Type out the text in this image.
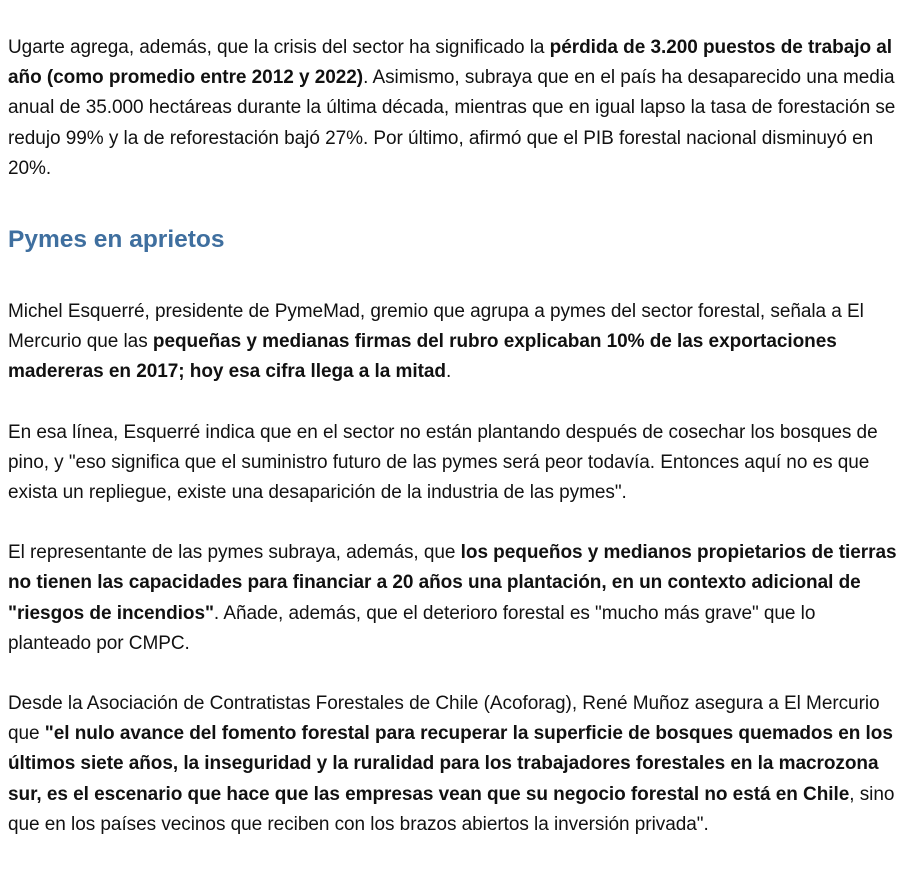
Ugarte agrega, además, que la crisis del sector ha significado la pérdida de 3.200 puestos de trabajo al año (como promedio entre 2012 y 2022). Asimismo, subraya que en el país ha desaparecido una media anual de 35.000 hectáreas durante la última década, mientras que en igual lapso la tasa de forestación se redujo 99% y la de reforestación bajó 27%. Por último, afirmó que el PIB forestal nacional disminuyó en 20%.

Pymes en aprietos

Michel Esquerré, presidente de PymeMad, gremio que agrupa a pymes del sector forestal, señala a El Mercurio que las pequeñas y medianas firmas del rubro explicaban 10% de las exportaciones madereras en 2017; hoy esa cifra llega a la mitad.

En esa línea, Esquerré indica que en el sector no están plantando después de cosechar los bosques de pino, y "eso significa que el suministro futuro de las pymes será peor todavía. Entonces aquí no es que exista un repliegue, existe una desaparición de la industria de las pymes".

El representante de las pymes subraya, además, que los pequeños y medianos propietarios de tierras no tienen las capacidades para financiar a 20 años una plantación, en un contexto adicional de "riesgos de incendios". Añade, además, que el deterioro forestal es "mucho más grave" que lo planteado por CMPC.

Desde la Asociación de Contratistas Forestales de Chile (Acoforag), René Muñoz asegura a El Mercurio que "el nulo avance del fomento forestal para recuperar la superficie de bosques quemados en los últimos siete años, la inseguridad y la ruralidad para los trabajadores forestales en la macrozona sur, es el escenario que hace que las empresas vean que su negocio forestal no está en Chile, sino que en los países vecinos que reciben con los brazos abiertos la inversión privada".
